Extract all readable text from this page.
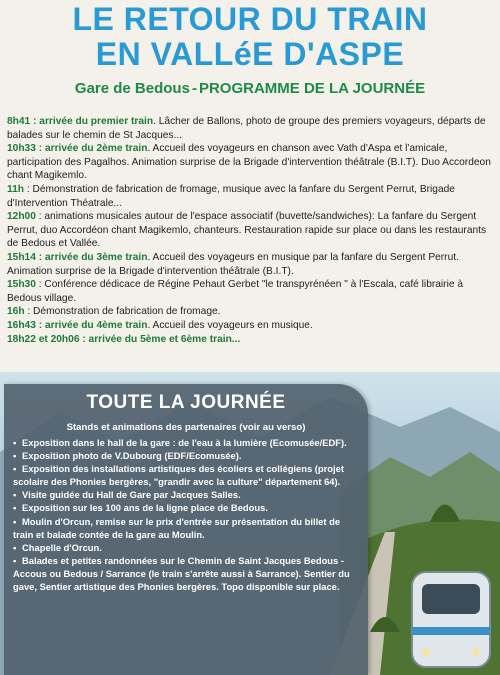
LE RETOUR DU TRAIN
EN VALLéE D'ASPE
Gare de Bedous - PROGRAMME DE LA JOURNÉE

8h41 : arrivée du premier train. Lâcher de Ballons, photo de groupe des premiers voyageurs, départs de balades sur le chemin de St Jacques...

10h33 : arrivée du 2ème train. Accueil des voyageurs en chanson avec Vath d'Aspa et l'amicale, participation des Pagalhos. Animation surprise de la Brigade d'intervention théâtrale (B.I.T). Duo Accordeon chant Magikemlo.

11h : Démonstration de fabrication de fromage, musique avec la fanfare du Sergent Perrut, Brigade d'Intervention Théatrale...

12h00 : animations musicales autour de l'espace associatif (buvette/sandwiches): La fanfare du Sergent Perrut, duo Accordéon chant Magikemlo, chanteurs. Restauration rapide sur place ou dans les restaurants de Bedous et Vallée.

15h14 : arrivée du 3ème train. Accueil des voyageurs en musique par la fanfare du Sergent Perrut. Animation surprise de la Brigade d'intervention théâtrale (B.I.T).

15h30 : Conférence dédicace de Régine Pehaut Gerbet "le transpyrénéen " à l'Escala, café librairie à Bedous village.

16h : Démonstration de fabrication de fromage.

16h43 : arrivée du 4ème train. Accueil des voyageurs en musique.

18h22 et 20h06 : arrivée du 5ème et 6ème train...

TOUTE LA JOURNÉE
Stands et animations des partenaires (voir au verso)
• Exposition dans le hall de la gare : de l'eau à la lumière (Ecomusée/EDF).
• Exposition photo de V.Dubourg (EDF/Ecomusée).
• Exposition des installations artistiques des écoliers et collégiens (projet scolaire des Phonies bergères, "grandir avec la culture" département 64).
• Visite guidée du Hall de Gare par Jacques Salles.
• Exposition sur les 100 ans de la ligne place de Bedous.
• Moulin d'Orcun, remise sur le prix d'entrée sur présentation du billet de train et balade contée de la gare au Moulin.
• Chapelle d'Orcun.
• Balades et petites randonnées sur le Chemin de Saint Jacques Bedous - Accous ou Bedous / Sarrance (le train s'arrête aussi à Sarrance). Sentier du gave, Sentier artistique des Phonies bergères. Topo disponible sur place.
